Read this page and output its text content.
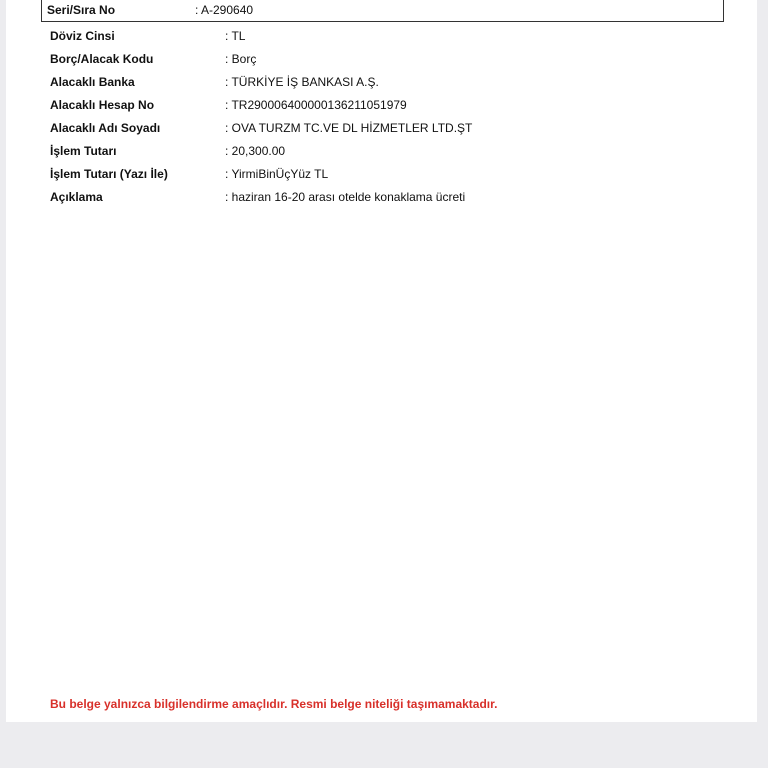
Seri/Sıra No	: A-290640
Döviz Cinsi	: TL
Borç/Alacak Kodu	: Borç
Alacaklı Banka	: TÜRKİYE İŞ BANKASI A.Ş.
Alacaklı Hesap No	: TR290006400000136211051979
Alacaklı Adı Soyadı	: OVA TURZM TC.VE DL HİZMETLER LTD.ŞT
İşlem Tutarı	: 20,300.00
İşlem Tutarı (Yazı İle)	: YirmiBinÜçYüz TL
Açıklama	: haziran 16-20 arası otelde konaklama ücreti
Bu belge yalnızca bilgilendirme amaçlıdır. Resmi belge niteliği taşımamaktadır.
